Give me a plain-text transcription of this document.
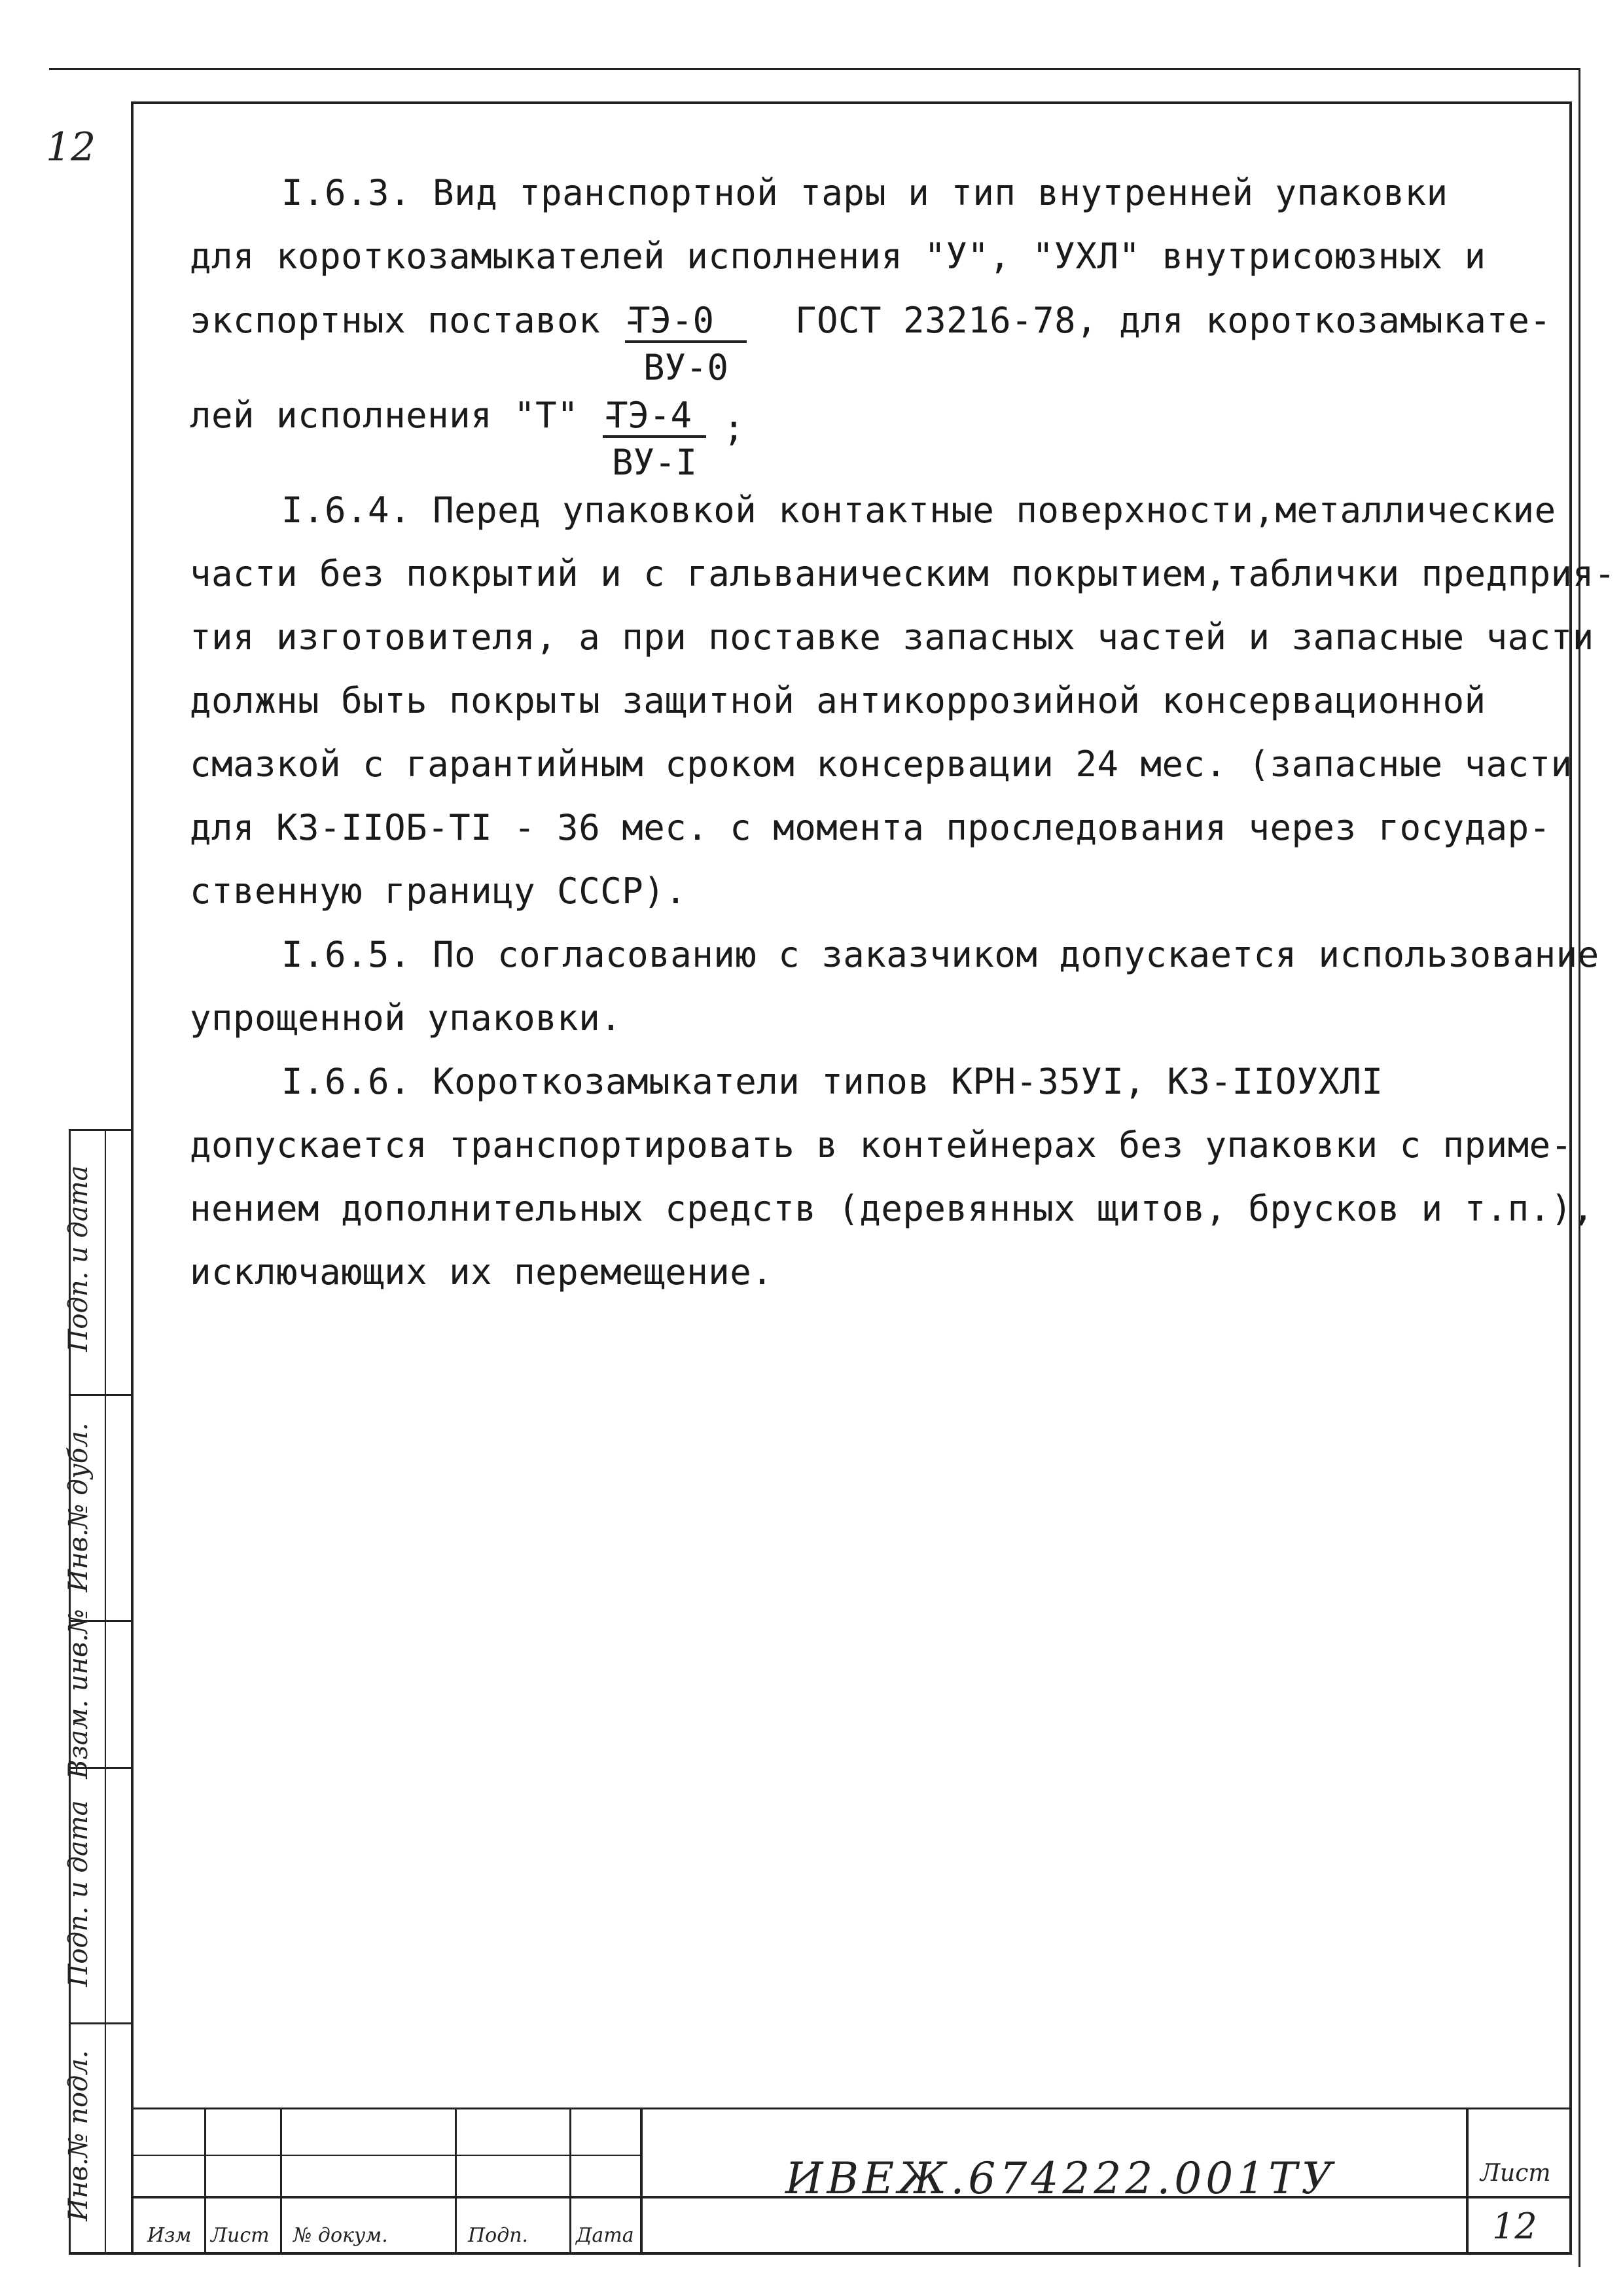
12
I.6.3. Вид транспортной тары и тип внутренней упаковки
для короткозамыкателей исполнения "У", "УХЛ" внутрисоюзных и
экспортных поставок -
ТЭ-0
ВУ-0
ГОСТ 23216-78, для короткозамыкате-
лей исполнения "Т" -
ТЭ-4
ВУ-I
;
I.6.4. Перед упаковкой контактные поверхности,металлические
части без покрытий и с гальваническим покрытием,таблички предприя-
тия изготовителя, а при поставке запасных частей и запасные части
должны быть покрыты защитной антикоррозийной консервационной
смазкой с гарантийным сроком консервации 24 мес. (запасные части
для КЗ-IIОБ-ТI - 36 мес. с момента проследования через государ-
ственную границу СССР).
I.6.5. По согласованию с заказчиком допускается использование
упрощенной упаковки.
I.6.6. Короткозамыкатели типов КРН-35УI, КЗ-IIОУХЛI
допускается транспортировать в контейнерах без упаковки с приме-
нением дополнительных средств (деревянных щитов, брусков и т.п.),
исключающих их перемещение.
Подп. и дата
Инв.№ дубл.
Взам. инв.№
Подп. и дата
Инв.№ подл.
Изм Лист № докум.	Подп. Дата
ИВЕЖ.674222.001ТУ	Лист
12
